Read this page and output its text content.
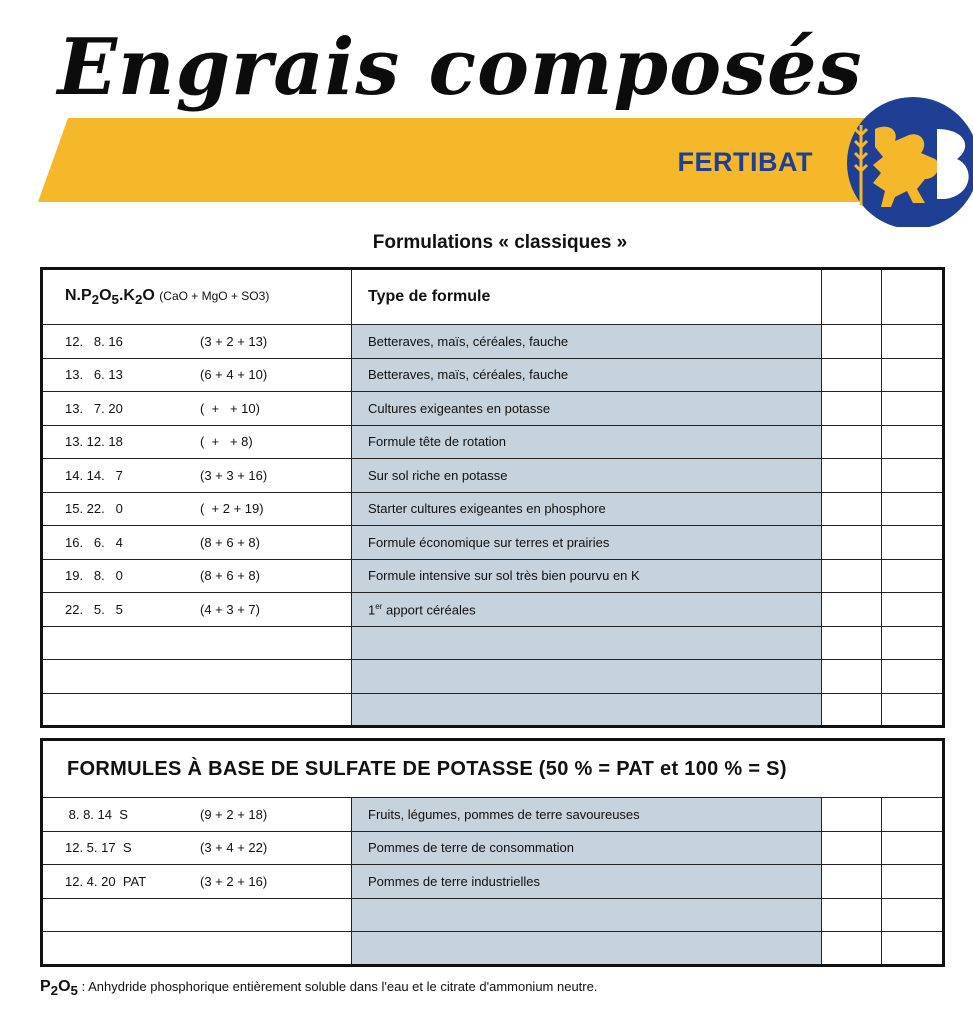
Engrais composés
FERTIBAT
Formulations « classiques »
$N.P_2O_5.K_2O$ (CaO + MgO + SO3)	Type de formule		
12.   8. 16 (3 + 2 + 13)	Betteraves, maïs, céréales, fauche		
13.   6. 13 (6 + 4 + 10)	Betteraves, maïs, céréales, fauche		
13.   7. 20 (  +   + 10)	Cultures exigeantes en potasse		
13. 12. 18 (  +   + 8)	Formule tête de rotation		
14. 14.   7 (3 + 3 + 16)	Sur sol riche en potasse		
15. 22.   0 (  + 2 + 19)	Starter cultures exigeantes en phosphore		
16.   6.   4 (8 + 6 + 8)	Formule économique sur terres et prairies		
19.   8.   0 (8 + 6 + 8)	Formule intensive sur sol très bien pourvu en K		
22.   5.   5 (4 + 3 + 7)	1er apport céréales		

FORMULES À BASE DE SULFATE DE POTASSE (50 % = PAT et 100 % = S)			
8. 8. 14  S (9 + 2 + 18)	Fruits, légumes, pommes de terre savoureuses		
12. 5. 17  S (3 + 4 + 22)	Pommes de terre de consommation		
12. 4. 20  PAT (3 + 2 + 16)	Pommes de terre industrielles		

$P_2O_5$ : Anhydride phosphorique entièrement soluble dans l'eau et le citrate d'ammonium neutre.
